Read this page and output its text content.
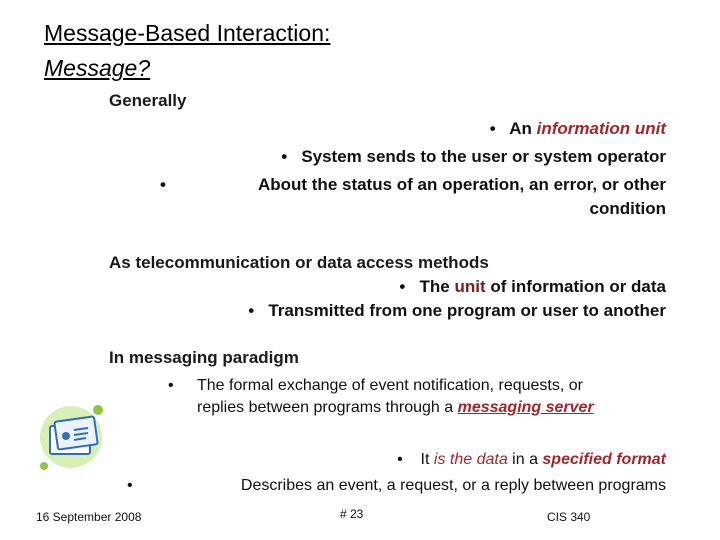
Message-Based Interaction:
Message?
Generally
• An information unit
• System sends to the user or system operator
•	About the status of an operation, an error, or other
condition
As telecommunication or data access methods
• The unit of information or data
• Transmitted from one program or user to another
In messaging paradigm
• The formal exchange of event notification, requests, or
replies between programs through a messaging server
• It is the data in a specified format
•	Describes an event, a request, or a reply between programs
16 September 2008	# 23	CIS 340
